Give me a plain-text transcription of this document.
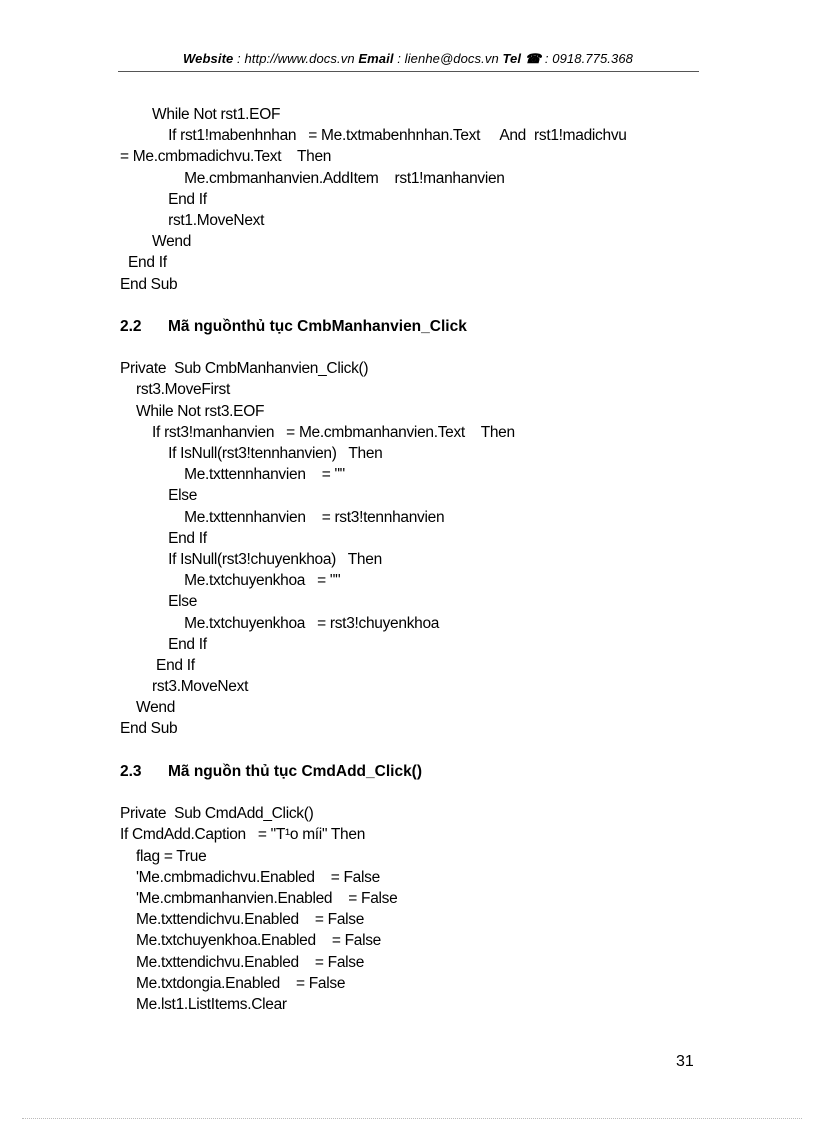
Website : http://www.docs.vn Email : lienhe@docs.vn Tel ☎ : 0918.775.368
While Not rst1.EOF
If rst1!mabenhnhan   = Me.txtmabenhnhan.Text     And  rst1!madichvu
= Me.cmbmadichvu.Text    Then
Me.cmbmanhanvien.AddItem    rst1!manhanvien
End If
rst1.MoveNext
Wend
End If
End Sub
2.2 Mã nguồnthủ tục CmbManhanvien_Click
Private  Sub CmbManhanvien_Click()
rst3.MoveFirst
While Not rst3.EOF
If rst3!manhanvien   = Me.cmbmanhanvien.Text    Then
If IsNull(rst3!tennhanvien)   Then
Me.txttennhanvien    = ""
Else
Me.txttennhanvien    = rst3!tennhanvien
End If
If IsNull(rst3!chuyenkhoa)   Then
Me.txtchuyenkhoa   = ""
Else
Me.txtchuyenkhoa   = rst3!chuyenkhoa
End If
End If
rst3.MoveNext
Wend
End Sub
2.3 Mã nguồn thủ tục CmdAdd_Click()
Private  Sub CmdAdd_Click()
If CmdAdd.Caption   = "T¹o míi" Then
flag = True
'Me.cmbmadichvu.Enabled    = False
'Me.cmbmanhanvien.Enabled    = False
Me.txttendichvu.Enabled    = False
Me.txtchuyenkhoa.Enabled    = False
Me.txttendichvu.Enabled    = False
Me.txtdongia.Enabled    = False
Me.lst1.ListItems.Clear
31
